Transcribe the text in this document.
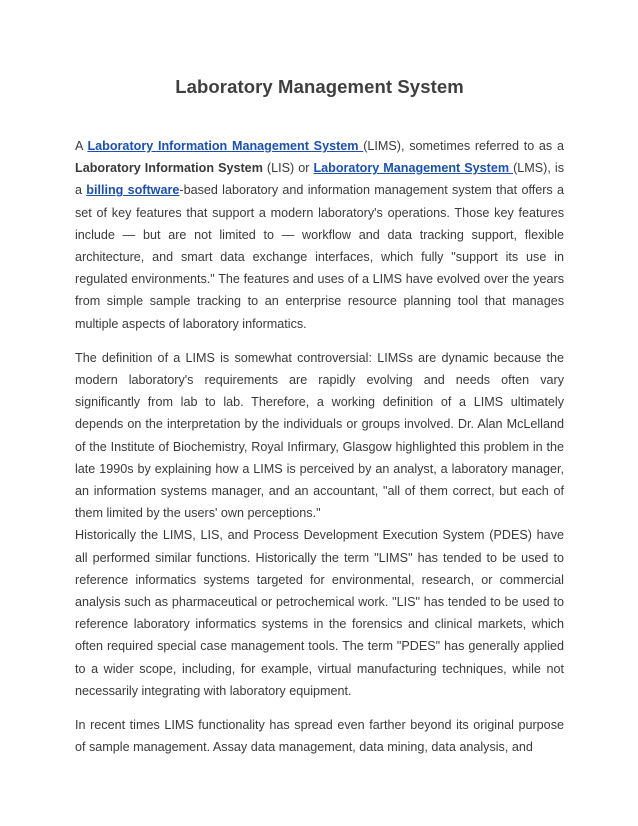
Laboratory Management System

A Laboratory Information Management System (LIMS), sometimes referred to as a Laboratory Information System (LIS) or Laboratory Management System (LMS), is a billing software-based laboratory and information management system that offers a set of key features that support a modern laboratory's operations. Those key features include — but are not limited to — workflow and data tracking support, flexible architecture, and smart data exchange interfaces, which fully "support its use in regulated environments." The features and uses of a LIMS have evolved over the years from simple sample tracking to an enterprise resource planning tool that manages multiple aspects of laboratory informatics.

The definition of a LIMS is somewhat controversial: LIMSs are dynamic because the modern laboratory's requirements are rapidly evolving and needs often vary significantly from lab to lab. Therefore, a working definition of a LIMS ultimately depends on the interpretation by the individuals or groups involved. Dr. Alan McLelland of the Institute of Biochemistry, Royal Infirmary, Glasgow highlighted this problem in the late 1990s by explaining how a LIMS is perceived by an analyst, a laboratory manager, an information systems manager, and an accountant, "all of them correct, but each of them limited by the users' own perceptions."

Historically the LIMS, LIS, and Process Development Execution System (PDES) have all performed similar functions. Historically the term "LIMS" has tended to be used to reference informatics systems targeted for environmental, research, or commercial analysis such as pharmaceutical or petrochemical work. "LIS" has tended to be used to reference laboratory informatics systems in the forensics and clinical markets, which often required special case management tools. The term "PDES" has generally applied to a wider scope, including, for example, virtual manufacturing techniques, while not necessarily integrating with laboratory equipment.

In recent times LIMS functionality has spread even farther beyond its original purpose of sample management. Assay data management, data mining, data analysis, and
